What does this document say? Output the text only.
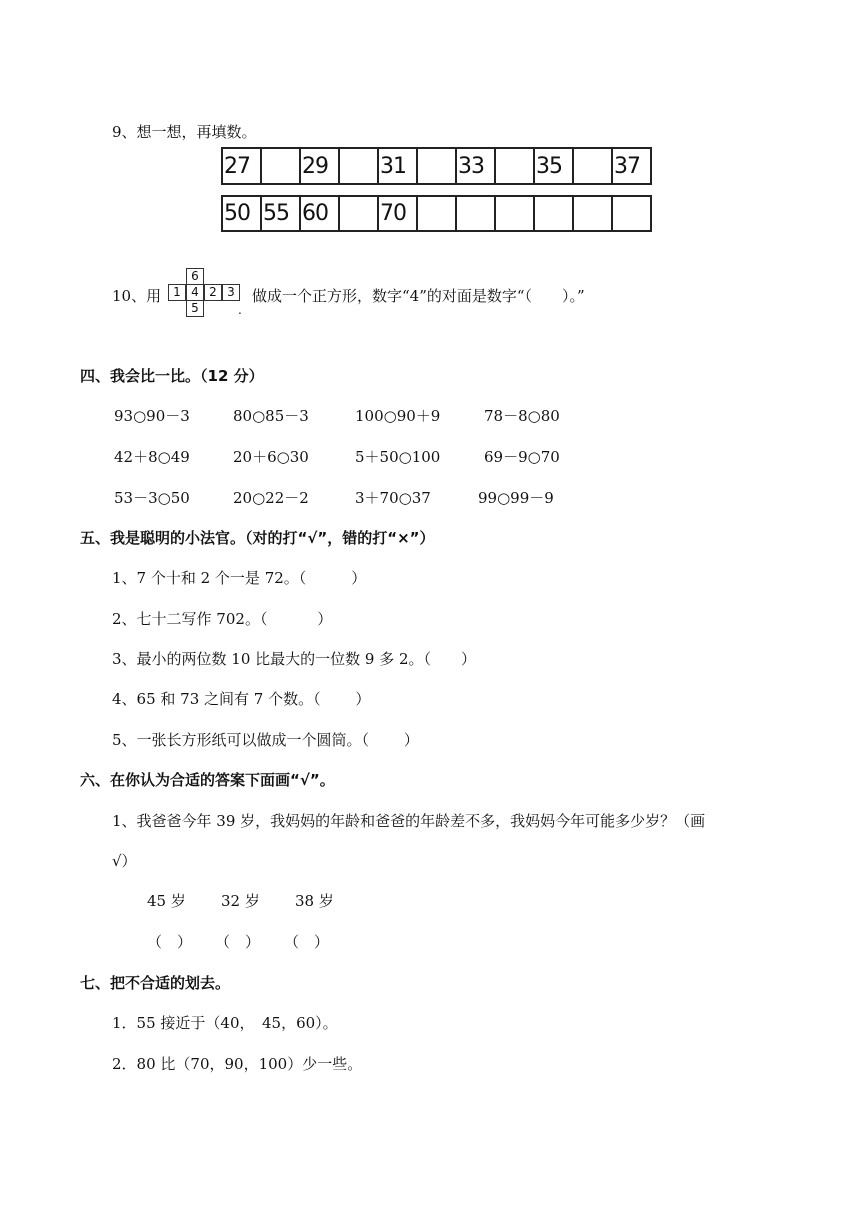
9、想一想，再填数。
27	29	31	33	35	37
50 55 60	70
10、用
6
1 4 2 3
5	.
做成一个正方形，数字“4”的对面是数字“（　　）。”
四、我会比一比。（12 分）
93○90－3	80○85－3	100○90＋9	78－8○80
42＋8○49	20＋6○30	5＋50○100	69－9○70
53－3○50	20○22－2	3＋70○37	99○99－9
五、我是聪明的小法官。（对的打“√”，错的打“×”）
1、7 个十和 2 个一是 72。（　　　）
2、七十二写作 702。（　　　 ）
3、最小的两位数 10 比最大的一位数 9 多 2。（　　）
4、65 和 73 之间有 7 个数。（　　 ）
5、一张长方形纸可以做成一个圆筒。（　　 ）
六、在你认为合适的答案下面画“√”。
1、我爸爸今年 39 岁，我妈妈的年龄和爸爸的年龄差不多，我妈妈今年可能多少岁？（画
√）
45 岁 32 岁 38 岁
（　） （　） （　）
七、把不合适的划去。
1．55 接近于（40，　45，60）。
2．80 比（70，90，100）少一些。
